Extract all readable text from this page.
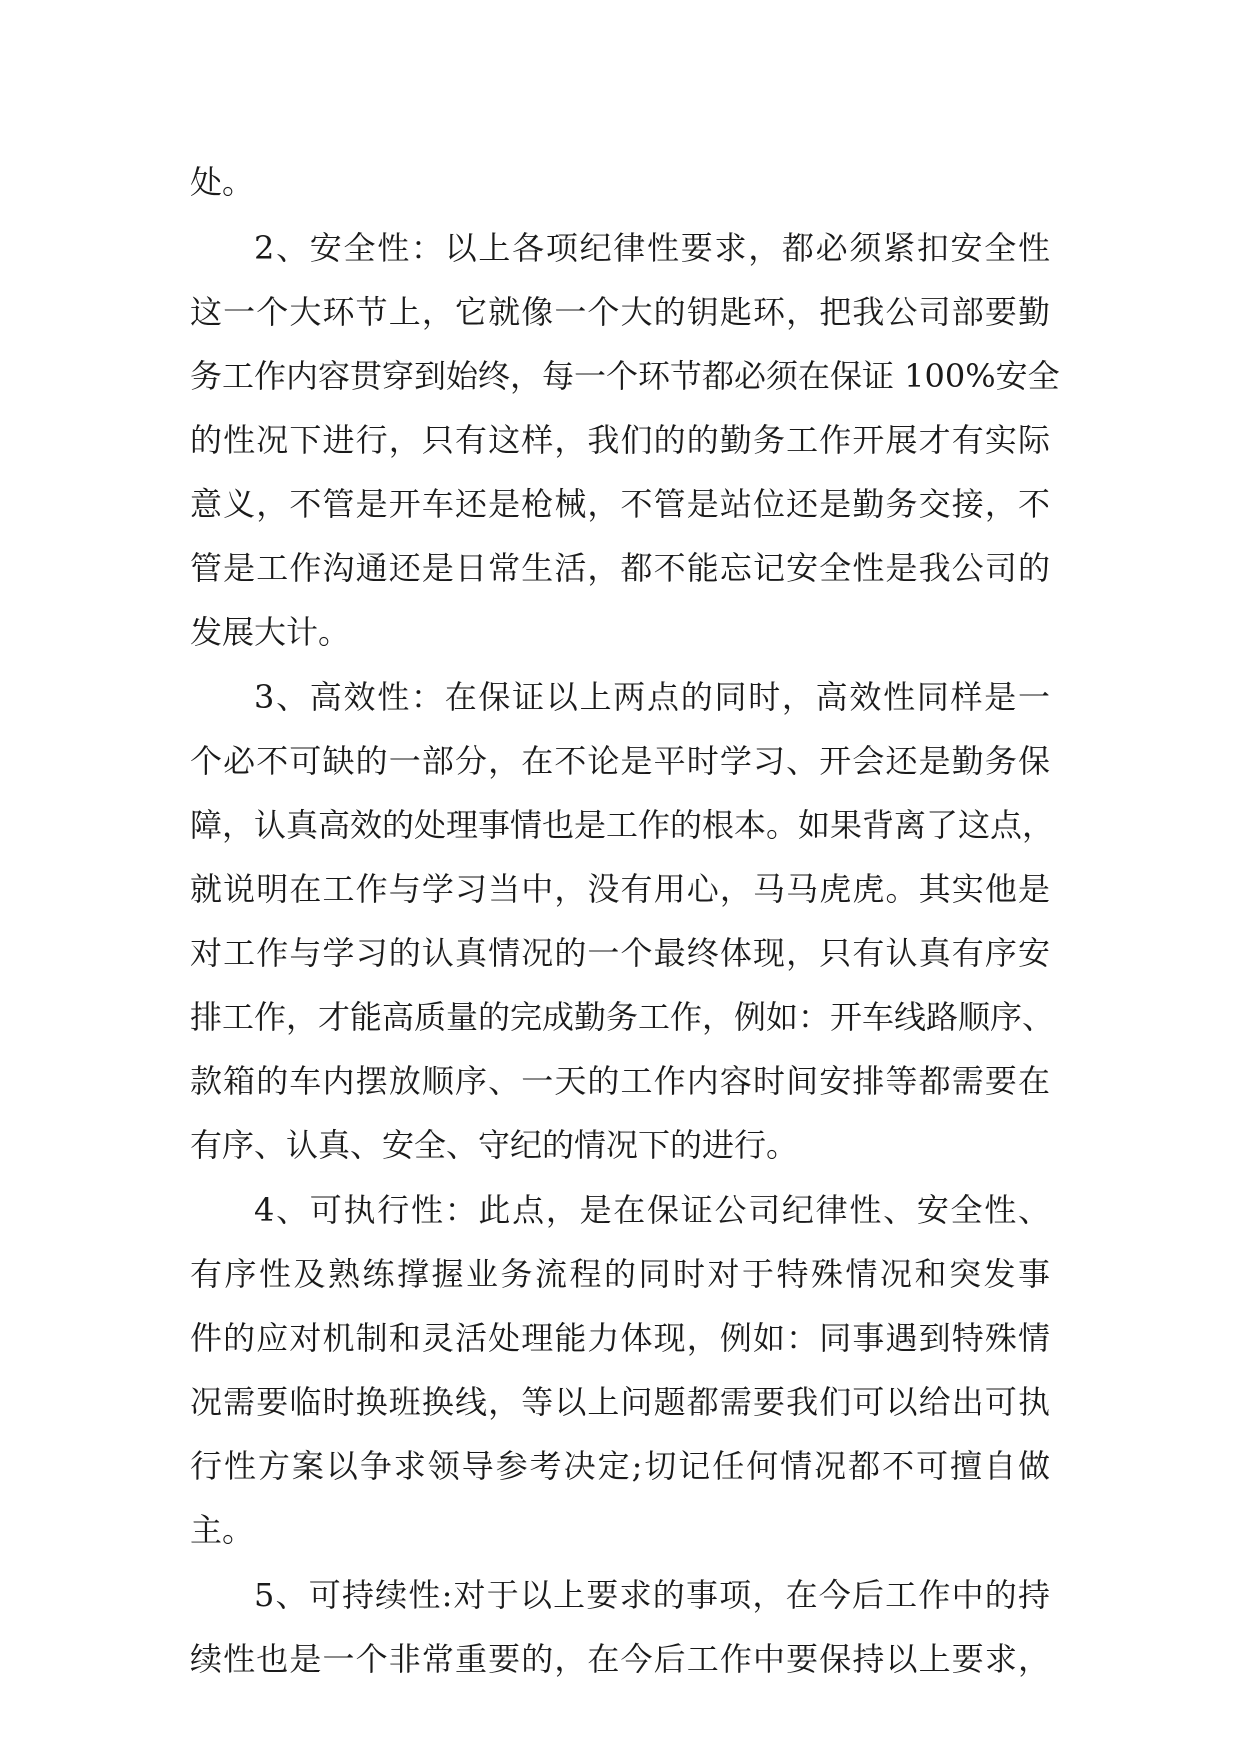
处。
2、安全性：以上各项纪律性要求，都必须紧扣安全性
这一个大环节上，它就像一个大的钥匙环，把我公司部要勤
务工作内容贯穿到始终，每一个环节都必须在保证 100%安全
的性况下进行，只有这样，我们的的勤务工作开展才有实际
意义，不管是开车还是枪械，不管是站位还是勤务交接，不
管是工作沟通还是日常生活，都不能忘记安全性是我公司的
发展大计。
3、高效性：在保证以上两点的同时，高效性同样是一
个必不可缺的一部分，在不论是平时学习、开会还是勤务保
障，认真高效的处理事情也是工作的根本。如果背离了这点，
就说明在工作与学习当中，没有用心，马马虎虎。其实他是
对工作与学习的认真情况的一个最终体现，只有认真有序安
排工作，才能高质量的完成勤务工作，例如：开车线路顺序、
款箱的车内摆放顺序、一天的工作内容时间安排等都需要在
有序、认真、安全、守纪的情况下的进行。
4、可执行性：此点，是在保证公司纪律性、安全性、
有序性及熟练撑握业务流程的同时对于特殊情况和突发事
件的应对机制和灵活处理能力体现，例如：同事遇到特殊情
况需要临时换班换线，等以上问题都需要我们可以给出可执
行性方案以争求领导参考决定;切记任何情况都不可擅自做
主。
5、可持续性:对于以上要求的事项，在今后工作中的持
续性也是一个非常重要的，在今后工作中要保持以上要求，
